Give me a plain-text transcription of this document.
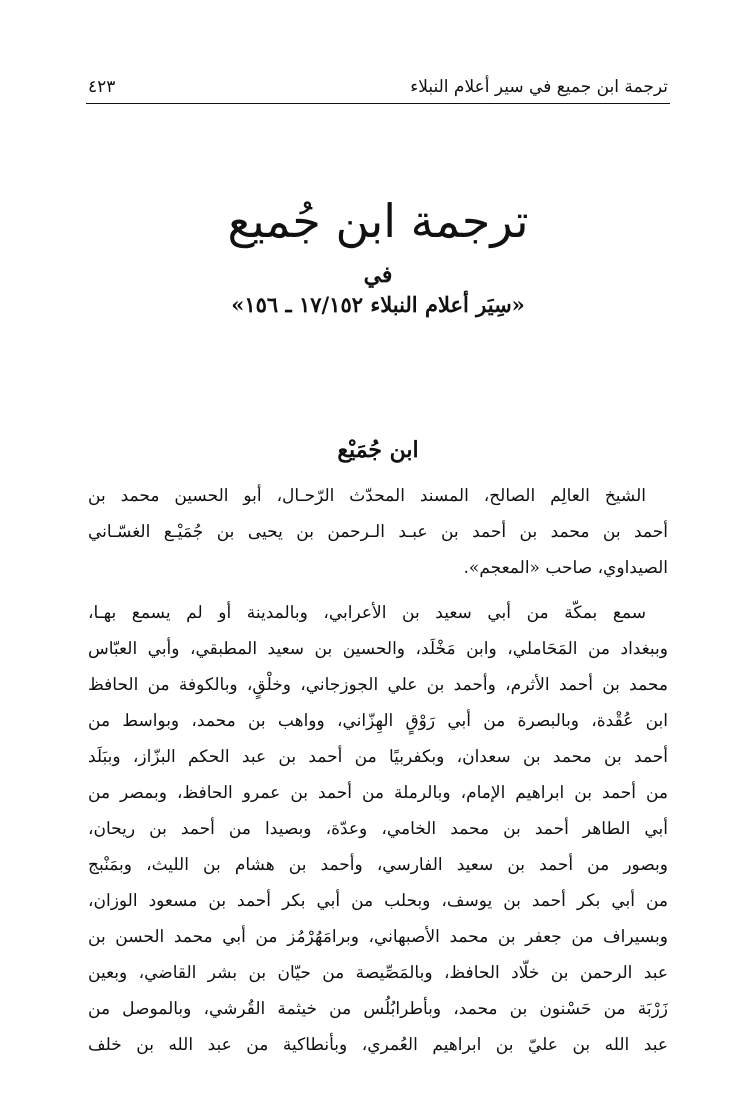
ترجمة ابن جميع في سير أعلام النبلاء
٤٢٣
ترجمة ابن جُميع
في
«سِيَر أعلام النبلاء ١٧/١٥٢ ـ ١٥٦»
ابن جُمَيْع
الشيخ العالِم الصالح، المسند المحدّث الرّحـال، أبو الحسين محمد بن
أحمد بن محمد بن أحمد بن عبـد الـرحمن بن يحيى بن جُمَيْـع الغسّـاني
الصيداوي، صاحب «المعجم».
سمع بمكّة من أبي سعيد بن الأعرابي، وبالمدينة أو لم يسمع بهـا،
وببغداد من المَحَاملي، وابن مَخْلَد، والحسين بن سعيد المطبقي، وأبي العبّاس
محمد بن أحمد الأثرم، وأحمد بن علي الجوزجاني، وخلْقٍ، وبالكوفة من الحافظ
ابن عُقْدة، وبالبصرة من أبي رَوْقٍ الهِزّاني، وواهب بن محمد، وبواسط من
أحمد بن محمد بن سعدان، وبكفربيًا من أحمد بن عبد الحكم البزّاز، وببَلَد
من أحمد بن ابراهيم الإمام، وبالرملة من أحمد بن عمرو الحافظ، وبمصر من
أبي الطاهر أحمد بن محمد الخامي، وعدّة، وبصيدا من أحمد بن ريحان،
وبصور من أحمد بن سعيد الفارسي، وأحمد بن هشام بن الليث، وبمَنْبج
من أبي بكر أحمد بن يوسف، وبحلب من أبي بكر أحمد بن مسعود الوزان،
وبسيراف من جعفر بن محمد الأصبهاني، وبرامَهُرْمُز من أبي محمد الحسن بن
عبد الرحمن بن خلّاد الحافظ، وبالمَصِّيصة من حيّان بن بشر القاضي، وبعين
زَرْبَة من حَسْنون بن محمد، وبأطرابُلُس من خيثمة القُرشي، وبالموصل من
عبد الله بن عليّ بن ابراهيم العُمري، وبأنطاكية من عبد الله بن خلف
